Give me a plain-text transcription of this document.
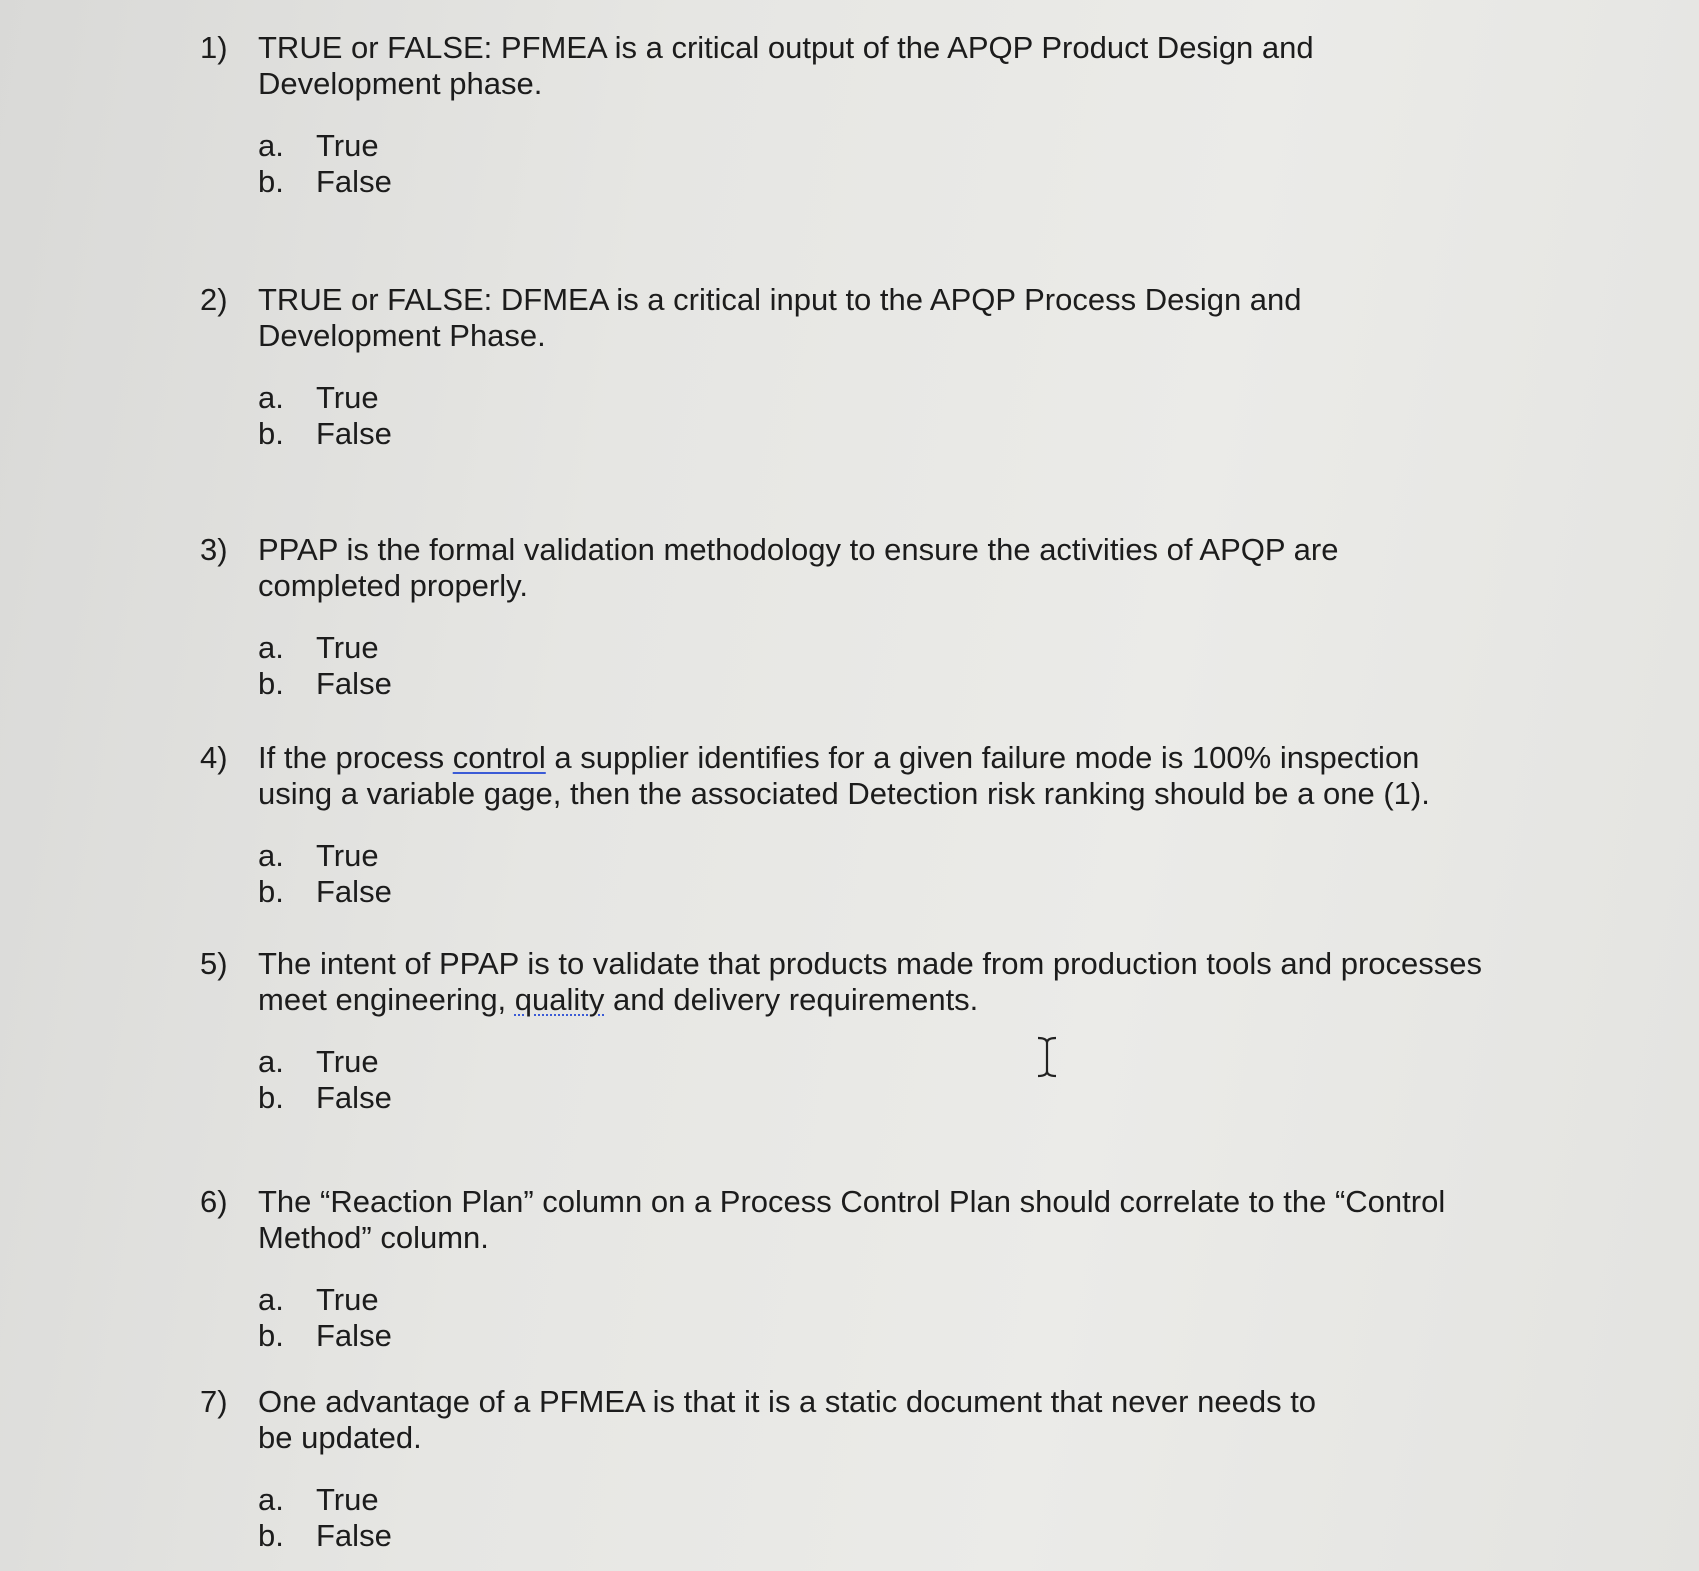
1) TRUE or FALSE: PFMEA is a critical output of the APQP Product Design and Development phase.
a.	True
b.	False
2) TRUE or FALSE: DFMEA is a critical input to the APQP Process Design and Development Phase.
a.	True
b.	False
3) PPAP is the formal validation methodology to ensure the activities of APQP are completed properly.
a.	True
b.	False
4) If the process control a supplier identifies for a given failure mode is 100% inspection using a variable gage, then the associated Detection risk ranking should be a one (1).
a.	True
b.	False
5) The intent of PPAP is to validate that products made from production tools and processes meet engineering, quality and delivery requirements.
a.	True
b.	False
6) The “Reaction Plan” column on a Process Control Plan should correlate to the “Control Method” column.
a.	True
b.	False
7) One advantage of a PFMEA is that it is a static document that never needs to be updated.
a.	True
b.	False
